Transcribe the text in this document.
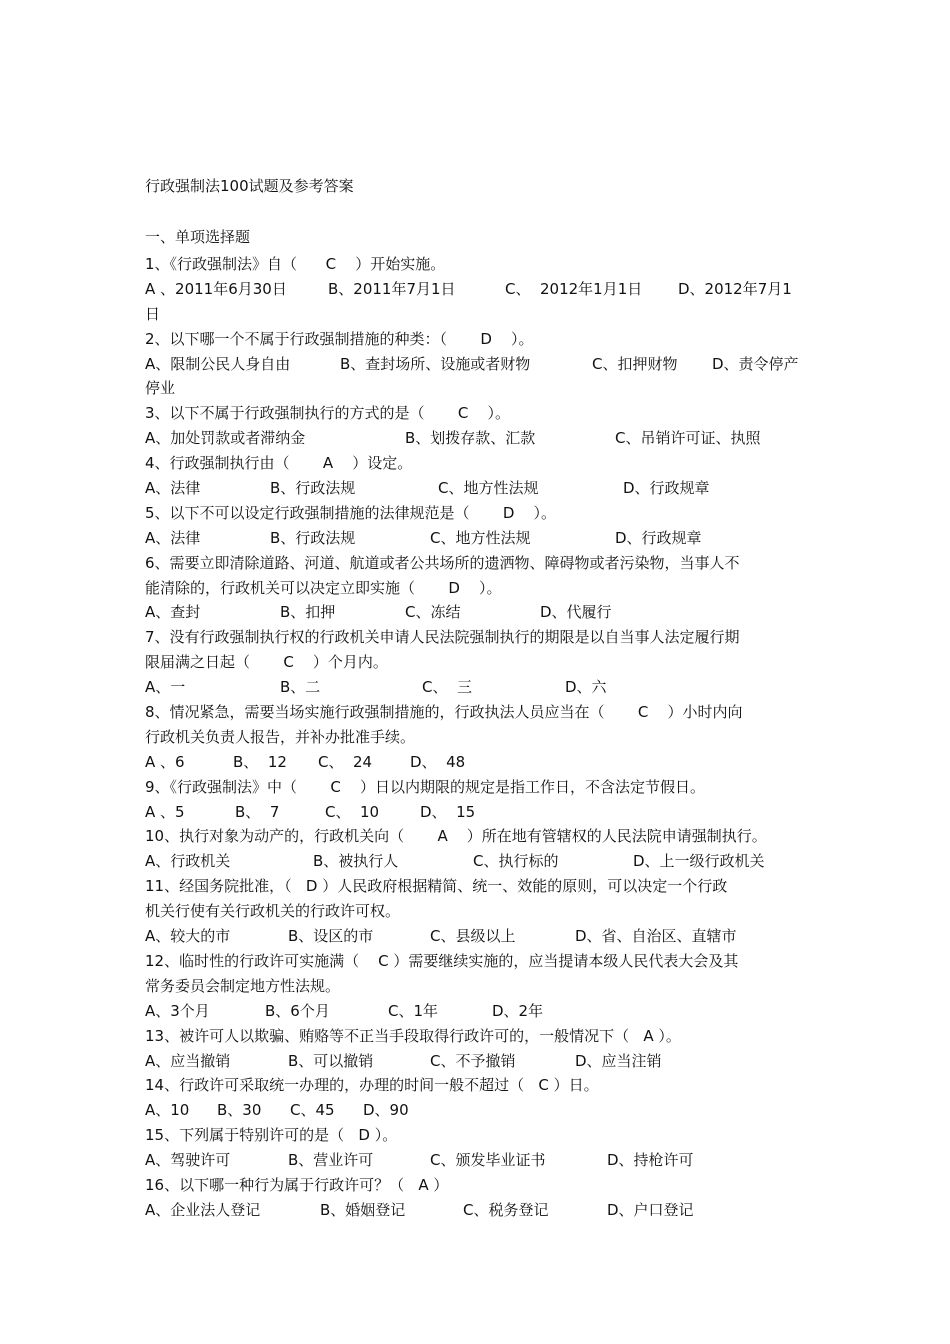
行政强制法100试题及参考答案
一、单项选择题
1、《行政强制法》自（      C    ）开始实施。
A 、2011年6月30日	B、2011年7月1日	C、  2012年1月1日 D、2012年7月1
日
2、以下哪一个不属于行政强制措施的种类：（       D    ）。
A、限制公民人身自由	B、查封场所、设施或者财物	C、扣押财物 D、责令停产
停业
3、以下不属于行政强制执行的方式的是（       C    ）。
A、加处罚款或者滞纳金	B、划拨存款、汇款	C、吊销许可证、执照
4、行政强制执行由（       A    ）设定。
A、法律	B、行政法规	C、地方性法规	D、行政规章
5、以下不可以设定行政强制措施的法律规范是（       D    ）。
A、法律	B、行政法规	C、地方性法规	D、行政规章
6、需要立即清除道路、河道、航道或者公共场所的遗洒物、障碍物或者污染物，当事人不
能清除的，行政机关可以决定立即实施（       D    ）。
A、查封	B、扣押	C、冻结	D、代履行
7、没有行政强制执行权的行政机关申请人民法院强制执行的期限是以自当事人法定履行期
限届满之日起（       C    ）个月内。
A、一	B、二	C、  三	D、六
8、情况紧急，需要当场实施行政强制措施的，行政执法人员应当在（       C    ）小时内向
行政机关负责人报告，并补办批准手续。
A 、6	B、  12 C、  24	D、  48
9、《行政强制法》中（       C    ）日以内期限的规定是指工作日，不含法定节假日。
A 、5	B、  7	C、  10	D、  15
10、执行对象为动产的，行政机关向（       A    ）所在地有管辖权的人民法院申请强制执行。
A、行政机关	B、被执行人	C、执行标的	D、上一级行政机关
11、经国务院批准，（   D ）人民政府根据精简、统一、效能的原则，可以决定一个行政
机关行使有关行政机关的行政许可权。
A、较大的市	B、设区的市	C、县级以上	D、省、自治区、直辖市
12、临时性的行政许可实施满（    C ）需要继续实施的，应当提请本级人民代表大会及其
常务委员会制定地方性法规。
A、3个月	B、6个月	C、1年	D、2年
13、被许可人以欺骗、贿赂等不正当手段取得行政许可的，一般情况下（   A ）。
A、应当撤销	B、可以撤销	C、不予撤销	D、应当注销
14、行政许可采取统一办理的，办理的时间一般不超过（   C ）日。
A、10 B、30 C、45 D、90
15、下列属于特别许可的是（   D ）。
A、驾驶许可	B、营业许可	C、颁发毕业证书	D、持枪许可
16、以下哪一种行为属于行政许可？（   A ）
A、企业法人登记	B、婚姻登记	C、税务登记	D、户口登记
